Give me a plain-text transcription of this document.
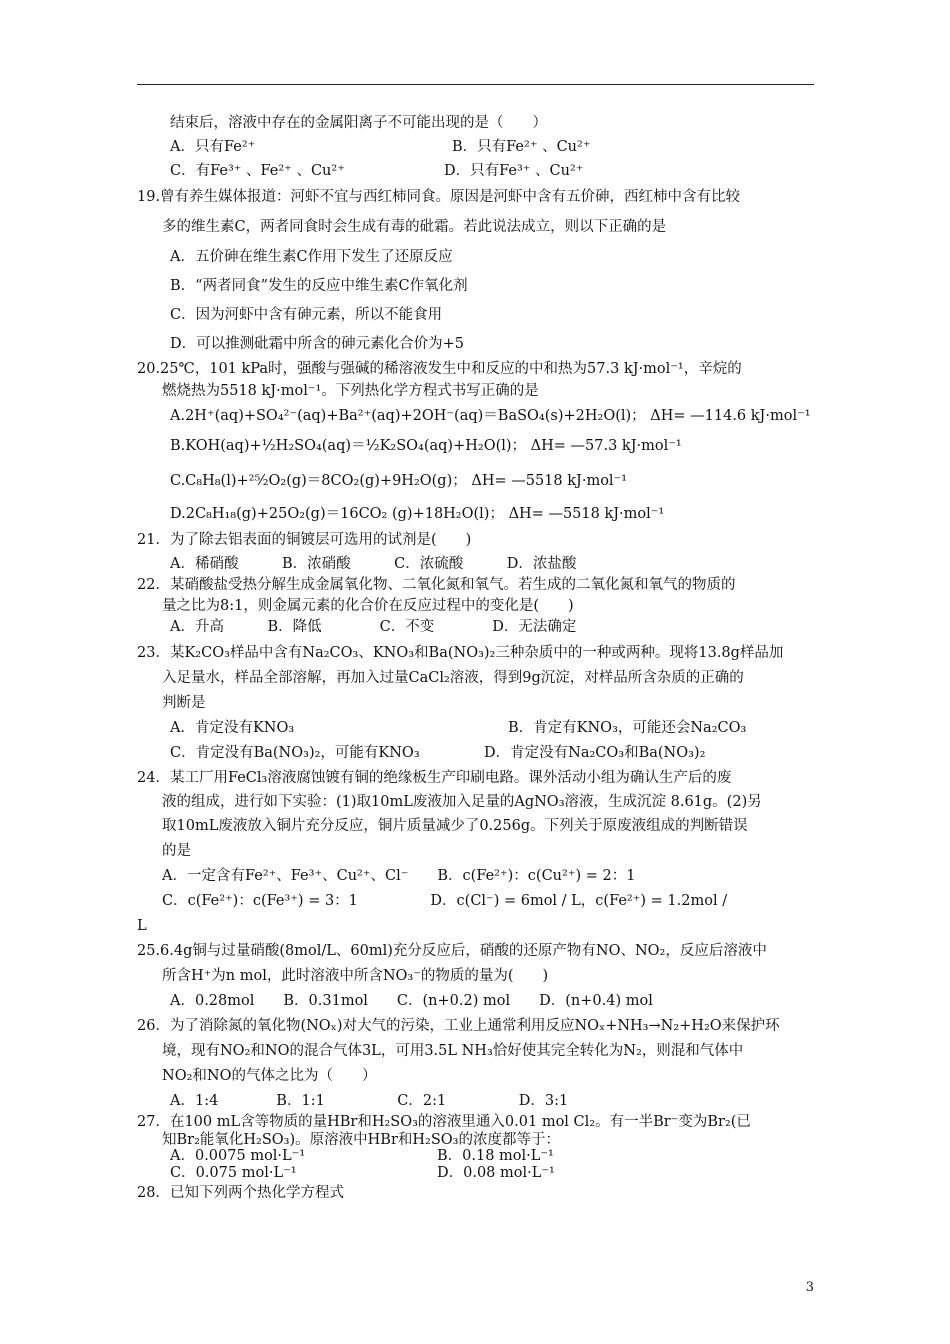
结束后，溶液中存在的金属阳离子不可能出现的是（　　）
A．只有Fe²⁺	B．只有Fe²⁺ 、Cu²⁺
C．有Fe³⁺ 、Fe²⁺ 、Cu²⁺	D．只有Fe³⁺ 、Cu²⁺
19.曾有养生媒体报道：河虾不宜与西红柿同食。原因是河虾中含有五价砷，西红柿中含有比较
多的维生素C，两者同食时会生成有毒的砒霜。若此说法成立，则以下正确的是
A．五价砷在维生素C作用下发生了还原反应
B．“两者同食”发生的反应中维生素C作氧化剂
C．因为河虾中含有砷元素，所以不能食用
D．可以推测砒霜中所含的砷元素化合价为+5
20.25℃，101 kPa时，强酸与强碱的稀溶液发生中和反应的中和热为57.3 kJ·mol⁻¹，辛烷的
燃烧热为5518 kJ·mol⁻¹。下列热化学方程式书写正确的是
A.2H⁺(aq)+SO₄²⁻(aq)+Ba²⁺(aq)+2OH⁻(aq)＝BaSO₄(s)+2H₂O(l)； ΔH= —114.6 kJ·mol⁻¹
B.KOH(aq)+½H₂SO₄(aq)＝½K₂SO₄(aq)+H₂O(l)； ΔH= —57.3 kJ·mol⁻¹
C.C₈H₈(l)+²⁵⁄₂O₂(g)＝8CO₂(g)+9H₂O(g)； ΔH= —5518 kJ·mol⁻¹
D.2C₈H₁₈(g)+25O₂(g)＝16CO₂ (g)+18H₂O(l)； ΔH= —5518 kJ·mol⁻¹
21．为了除去铝表面的铜镀层可选用的试剂是(　　)
A．稀硝酸　　　B．浓硝酸　　　C．浓硫酸　　　D．浓盐酸
22．某硝酸盐受热分解生成金属氧化物、二氧化氮和氧气。若生成的二氧化氮和氧气的物质的
量之比为8:1，则金属元素的化合价在反应过程中的变化是(　　)
A．升高　　　B．降低　　　　C．不变　　　　D．无法确定
23．某K₂CO₃样品中含有Na₂CO₃、KNO₃和Ba(NO₃)₂三种杂质中的一种或两种。现将13.8g样品加
入足量水，样品全部溶解，再加入过量CaCl₂溶液，得到9g沉淀，对样品所含杂质的正确的
判断是
A．肯定没有KNO₃	B．肯定有KNO₃，可能还会Na₂CO₃
C．肯定没有Ba(NO₃)₂，可能有KNO₃	D．肯定没有Na₂CO₃和Ba(NO₃)₂
24．某工厂用FeCl₃溶液腐蚀镀有铜的绝缘板生产印刷电路。课外活动小组为确认生产后的废
液的组成，进行如下实验：(1)取10mL废液加入足量的AgNO₃溶液，生成沉淀 8.61g。(2)另
取10mL废液放入铜片充分反应，铜片质量减少了0.256g。下列关于原废液组成的判断错误
的是
A．一定含有Fe²⁺、Fe³⁺、Cu²⁺、Cl⁻　　B．c(Fe²⁺)：c(Cu²⁺) = 2：1
C．c(Fe²⁺)：c(Fe³⁺) = 3：1　　　　　D．c(Cl⁻) = 6mol / L，c(Fe²⁺) = 1.2mol /
L
25.6.4g铜与过量硝酸(8mol/L、60ml)充分反应后，硝酸的还原产物有NO、NO₂，反应后溶液中
所含H⁺为n mol，此时溶液中所含NO₃⁻的物质的量为(　　)
A．0.28mol　　B．0.31mol　　C．(n+0.2) mol　　D．(n+0.4) mol
26．为了消除氮的氧化物(NOₓ)对大气的污染，工业上通常利用反应NOₓ+NH₃→N₂+H₂O来保护环
境，现有NO₂和NO的混合气体3L，可用3.5L NH₃恰好使其完全转化为N₂，则混和气体中
NO₂和NO的气体之比为（　　）
A．1:4　　　　B．1:1　　　　　C．2:1　　　　　D．3:1
27．在100 mL含等物质的量HBr和H₂SO₃的溶液里通入0.01 mol Cl₂。有一半Br⁻变为Br₂(已
知Br₂能氧化H₂SO₃)。原溶液中HBr和H₂SO₃的浓度都等于：
A．0.0075 mol·L⁻¹	B．0.18 mol·L⁻¹
C．0.075 mol·L⁻¹	D．0.08 mol·L⁻¹
28．已知下列两个热化学方程式
3
